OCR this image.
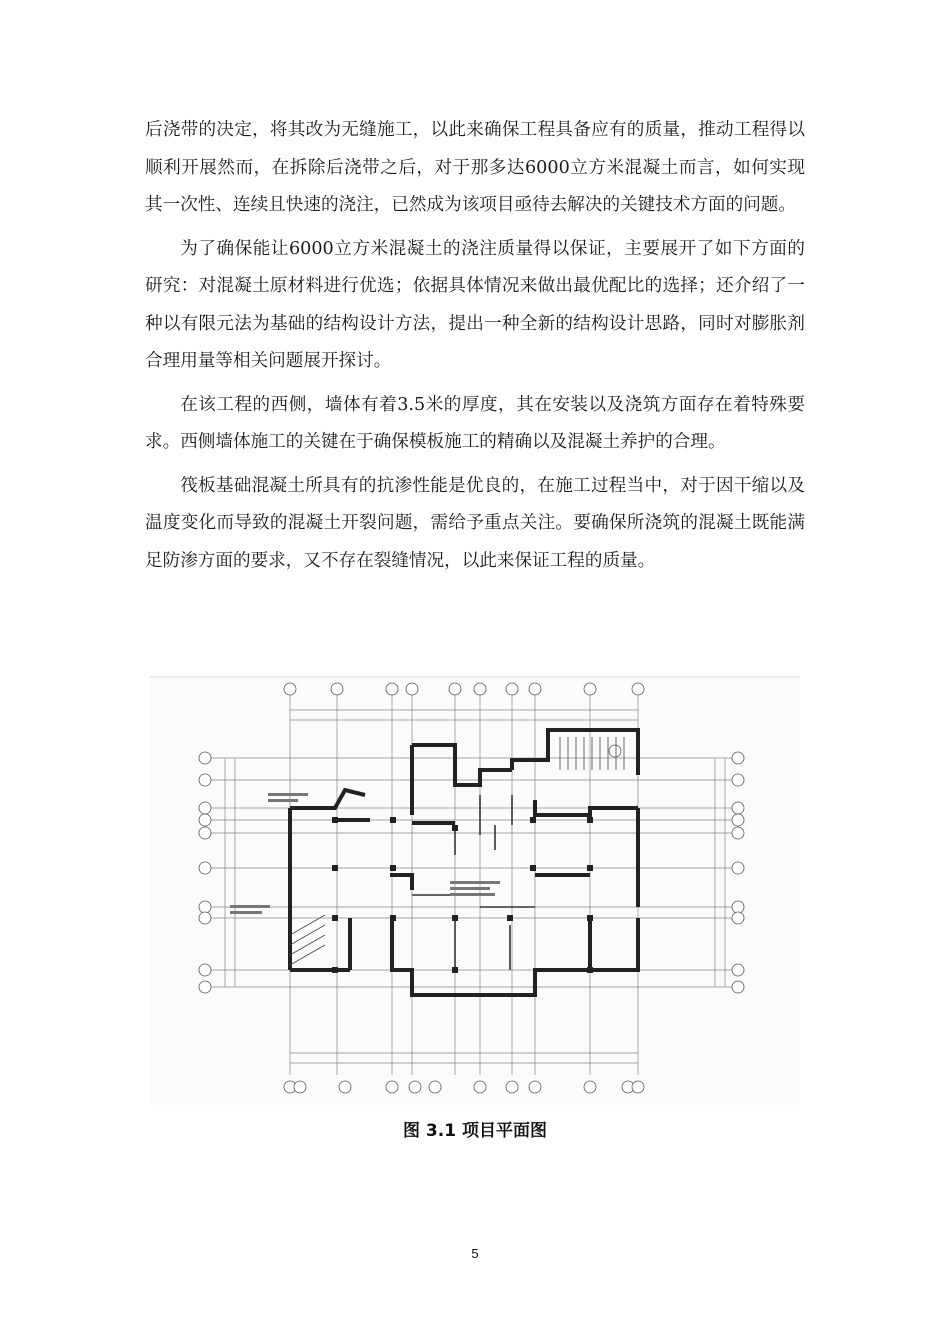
后浇带的决定，将其改为无缝施工，以此来确保工程具备应有的质量，推动工程得以顺利开展然而，在拆除后浇带之后，对于那多达6000立方米混凝土而言，如何实现其一次性、连续且快速的浇注，已然成为该项目亟待去解决的关键技术方面的问题。

为了确保能让6000立方米混凝土的浇注质量得以保证，主要展开了如下方面的研究：对混凝土原材料进行优选；依据具体情况来做出最优配比的选择；还介绍了一种以有限元法为基础的结构设计方法，提出一种全新的结构设计思路，同时对膨胀剂合理用量等相关问题展开探讨。

在该工程的西侧，墙体有着3.5米的厚度，其在安装以及浇筑方面存在着特殊要求。西侧墙体施工的关键在于确保模板施工的精确以及混凝土养护的合理。

筏板基础混凝土所具有的抗渗性能是优良的，在施工过程当中，对于因干缩以及温度变化而导致的混凝土开裂问题，需给予重点关注。要确保所浇筑的混凝土既能满足防渗方面的要求，又不存在裂缝情况，以此来保证工程的质量。

图 3.1 项目平面图
5
